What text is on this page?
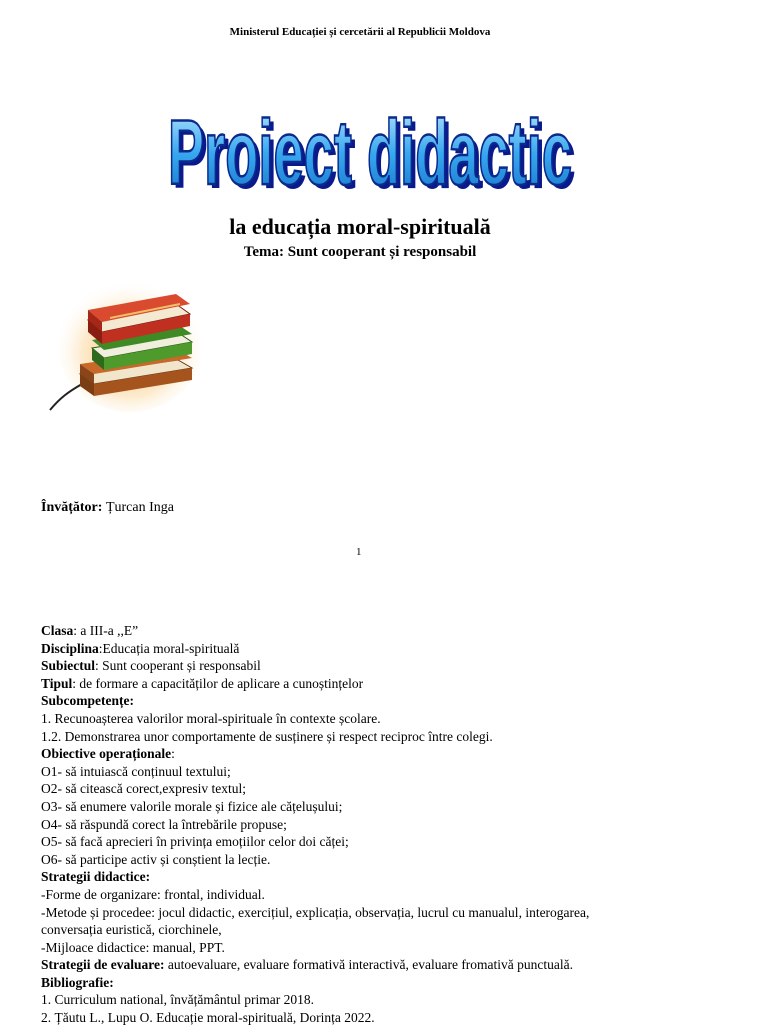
Ministerul Educației și cercetării al Republicii Moldova
Proiect didactic
Proiect didactic
la educația moral-spirituală
Tema: Sunt cooperant și responsabil
Învățător: Țurcan Inga
1

Clasa: a III-a ,,E”

Disciplina:Educația moral-spirituală

Subiectul: Sunt cooperant și responsabil

Tipul: de formare a capacităților de aplicare a cunoștințelor

Subcompetențe:

1. Recunoașterea valorilor moral-spirituale în contexte școlare.

1.2. Demonstrarea unor comportamente de susținere și respect reciproc între colegi.

Obiective operaționale:

O1- să intuiască conținuul textului;

O2- să citească corect,expresiv textul;

O3- să enumere valorile morale și fizice ale cățelușului;

O4- să răspundă corect la întrebările propuse;

O5- să facă aprecieri în privința emoțiilor celor doi căței;

O6- să participe activ și conștient la lecție.

Strategii didactice:

-Forme de organizare: frontal, individual.

-Metode și procedee: jocul didactic, exercițiul, explicația, observația, lucrul cu manualul, interogarea,

conversația euristică, ciorchinele,

-Mijloace didactice: manual, PPT.

Strategii de evaluare: autoevaluare, evaluare formativă interactivă, evaluare fromativă punctuală.

Bibliografie:

1. Curriculum national, învățământul primar 2018.

2. Țăutu L., Lupu O. Educație moral-spirituală, Dorința 2022.
